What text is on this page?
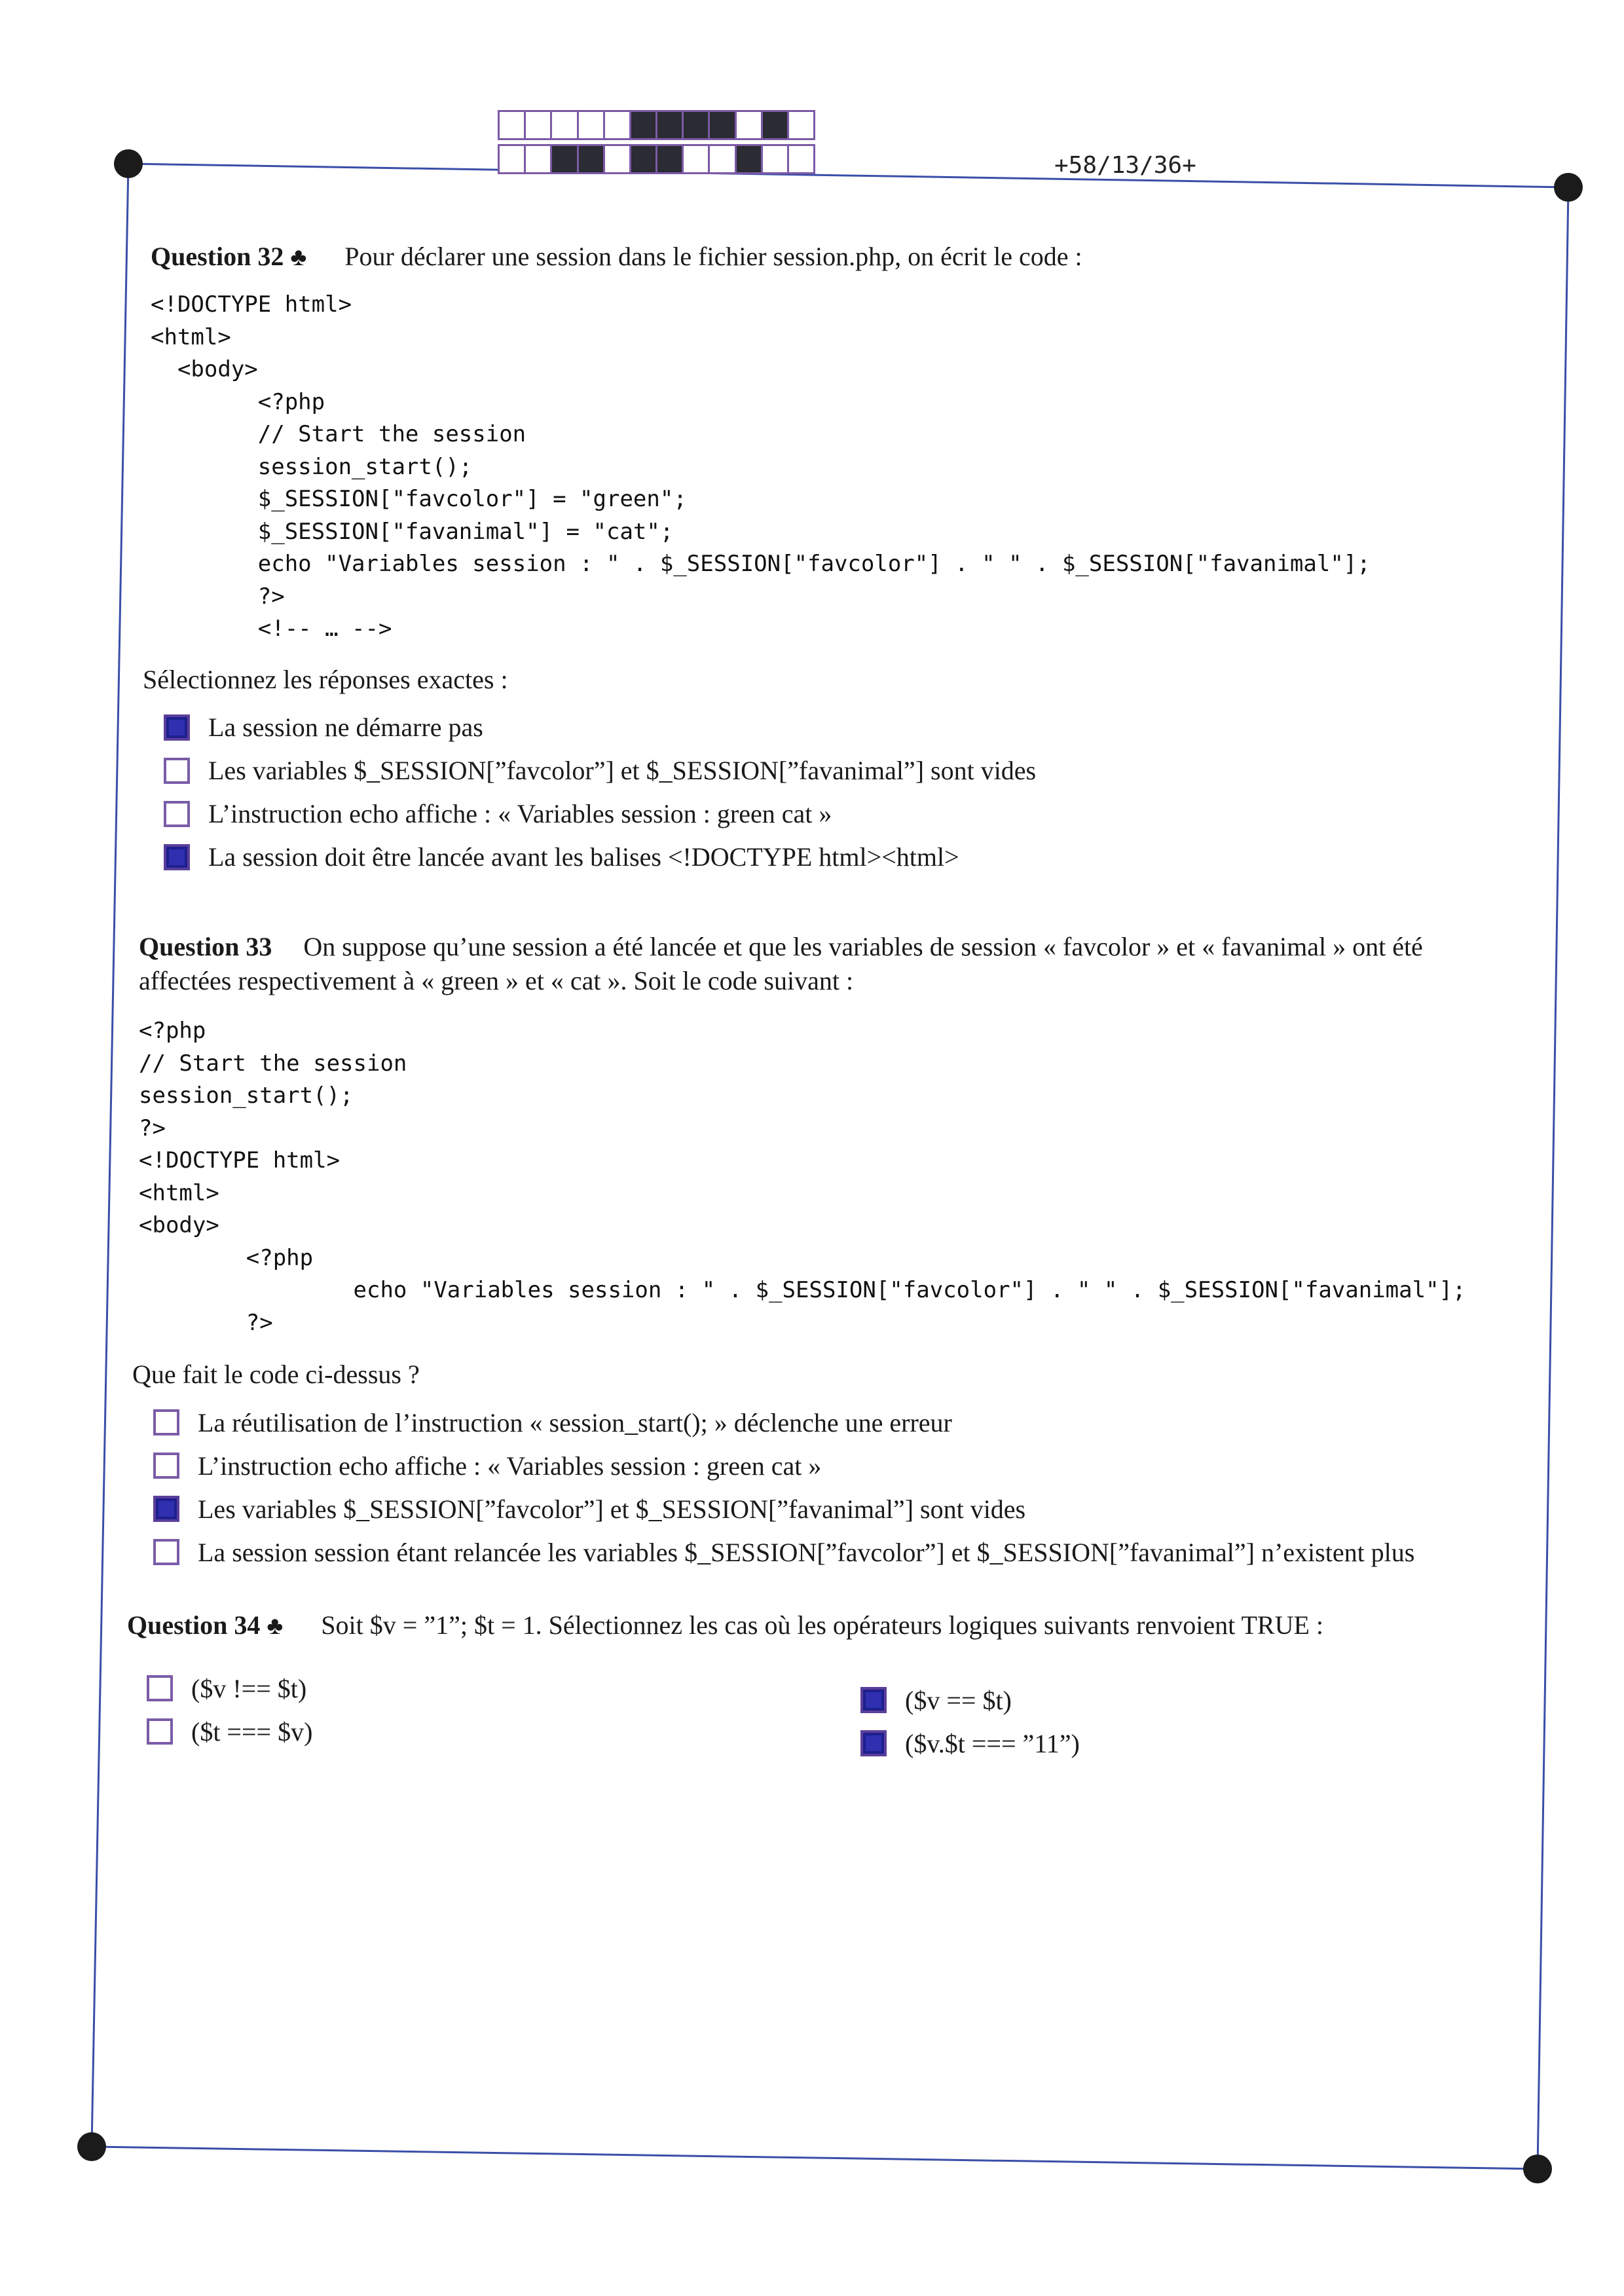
+58/13/36+
Question 32 ♣ Pour déclarer une session dans le fichier session.php, on écrit le code :
<!DOCTYPE html>
<html>
<body>
<?php
// Start the session
session_start();
$_SESSION["favcolor"] = "green";
$_SESSION["favanimal"] = "cat";
echo "Variables session : " . $_SESSION["favcolor"] . " " . $_SESSION["favanimal"];
?>
<!-- … -->
Sélectionnez les réponses exactes :
La session ne démarre pas
Les variables $_SESSION[”favcolor”] et $_SESSION[”favanimal”] sont vides
L’instruction echo affiche : « Variables session : green cat »
La session doit être lancée avant les balises <!DOCTYPE html><html>
Question 33 On suppose qu’une session a été lancée et que les variables de session « favcolor » et « favanimal » ont été
affectées respectivement à « green » et « cat ». Soit le code suivant :
<?php
// Start the session
session_start();
?>
<!DOCTYPE html>
<html>
<body>
<?php
echo "Variables session : " . $_SESSION["favcolor"] . " " . $_SESSION["favanimal"];
?>
Que fait le code ci-dessus ?
La réutilisation de l’instruction « session_start(); » déclenche une erreur
L’instruction echo affiche : « Variables session : green cat »
Les variables $_SESSION[”favcolor”] et $_SESSION[”favanimal”] sont vides
La session session étant relancée les variables $_SESSION[”favcolor”] et $_SESSION[”favanimal”] n’existent plus
Question 34 ♣ Soit $v = ”1”; $t = 1. Sélectionnez les cas où les opérateurs logiques suivants renvoient TRUE :
($v !== $t)
($t === $v)
($v == $t)
($v.$t === ”11”)
